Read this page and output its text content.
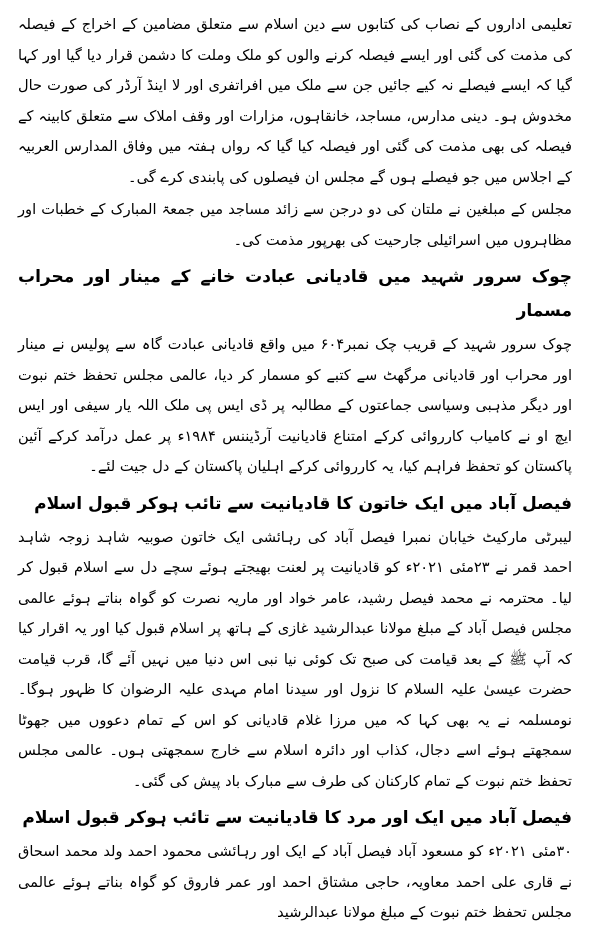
تعلیمی اداروں کے نصاب کی کتابوں سے دین اسلام سے متعلق مضامین کے اخراج کے فیصلہ کی مذمت کی گئی اور ایسے فیصلہ کرنے والوں کو ملک وملت کا دشمن قرار دیا گیا اور کہا گیا کہ ایسے فیصلے نہ کیے جائیں جن سے ملک میں افراتفری اور لا اینڈ آرڈر کی صورت حال مخدوش ہو۔ دینی مدارس، مساجد، خانقاہوں، مزارات اور وقف املاک سے متعلق کابینہ کے فیصلہ کی بھی مذمت کی گئی اور فیصلہ کیا گیا کہ رواں ہفتہ میں وفاق المدارس العربیہ کے اجلاس میں جو فیصلے ہوں گے مجلس ان فیصلوں کی پابندی کرے گی۔

مجلس کے مبلغین نے ملتان کی دو درجن سے زائد مساجد میں جمعۃ المبارک کے خطبات اور مظاہروں میں اسرائیلی جارحیت کی بھرپور مذمت کی۔

چوک سرور شہید میں قادیانی عبادت خانے کے مینار اور محراب مسمار

چوک سرور شہید کے قریب چک نمبر۶۰۴ میں واقع قادیانی عبادت گاہ سے پولیس نے مینار اور محراب اور قادیانی مرگھٹ سے کتبے کو مسمار کر دیا، عالمی مجلس تحفظ ختم نبوت اور دیگر مذہبی وسیاسی جماعتوں کے مطالبہ پر ڈی ایس پی ملک اللہ یار سیفی اور ایس ایچ او نے کامیاب کارروائی کرکے امتناع قادیانیت آرڈیننس ۱۹۸۴ء پر عمل درآمد کرکے آئین پاکستان کو تحفظ فراہم کیا، یہ کارروائی کرکے اہلیان پاکستان کے دل جیت لئے۔

فیصل آباد میں ایک خاتون کا قادیانیت سے تائب ہوکر قبول اسلام

لیبرٹی مارکیٹ خیابان نمبرا فیصل آباد کی رہائشی ایک خاتون صوبیہ شاہد زوجہ شاہد احمد قمر نے ۲۳مئی ۲۰۲۱ء کو قادیانیت پر لعنت بھیجتے ہوئے سچے دل سے اسلام قبول کر لیا۔ محترمہ نے محمد فیصل رشید، عامر خواد اور ماریہ نصرت کو گواہ بناتے ہوئے عالمی مجلس فیصل آباد کے مبلغ مولانا عبدالرشید غازی کے ہاتھ پر اسلام قبول کیا اور یہ اقرار کیا کہ آپ ﷺ کے بعد قیامت کی صبح تک کوئی نیا نبی اس دنیا میں نہیں آئے گا، قرب قیامت حضرت عیسیٰ علیہ السلام کا نزول اور سیدنا امام مہدی علیہ الرضوان کا ظہور ہوگا۔ نومسلمہ نے یہ بھی کہا کہ میں مرزا غلام قادیانی کو اس کے تمام دعووں میں جھوٹا سمجھتے ہوئے اسے دجال، کذاب اور دائرہ اسلام سے خارج سمجھتی ہوں۔ عالمی مجلس تحفظ ختم نبوت کے تمام کارکنان کی طرف سے مبارک باد پیش کی گئی۔

فیصل آباد میں ایک اور مرد کا قادیانیت سے تائب ہوکر قبول اسلام

۳۰مئی ۲۰۲۱ء کو مسعود آباد فیصل آباد کے ایک اور رہائشی محمود احمد ولد محمد اسحاق نے قاری علی احمد معاویہ، حاجی مشتاق احمد اور عمر فاروق کو گواہ بناتے ہوئے عالمی مجلس تحفظ ختم نبوت کے مبلغ مولانا عبدالرشید
